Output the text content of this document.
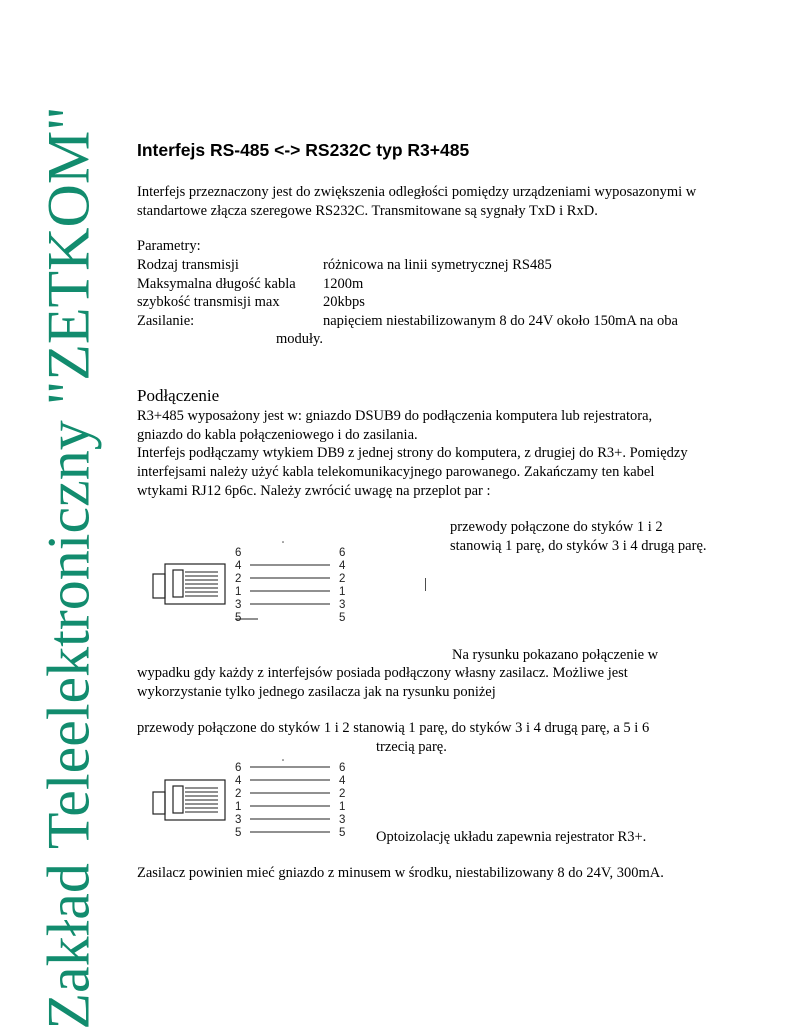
Zakład Teleelektroniczny "ZETKOM" Interfejs RS-485 <-> RS232C typ R3+485
Interfejs przeznaczony jest do zwiększenia odległości pomiędzy urządzeniami wyposazonymi w
standartowe złącza szeregowe RS232C. Transmitowane są sygnały TxD i RxD.
Parametry:
Rodzaj transmisji	różnicowa na linii symetrycznej RS485
Maksymalna długość kabla 1200m
szybkość transmisji max	20kbps
Zasilanie:	napięciem niestabilizowanym 8 do 24V około 150mA na oba
moduły.
Podłączenie
R3+485 wyposażony jest w: gniazdo DSUB9 do podłączenia komputera lub rejestratora,
gniazdo do kabla połączeniowego i do zasilania.
Interfejs podłączamy wtykiem DB9 z jednej strony do komputera, z drugiej do R3+. Pomiędzy
interfejsami należy użyć kabla telekomunikacyjnego parowanego. Zakańczamy ten kabel
wtykami RJ12 6p6c. Należy zwrócić uwagę na przeplot par :
przewody połączone do styków 1 i 2
stanowią 1 parę, do styków 3 i 4 drugą parę.
6
4
2
1
3
5
6
4
2
1
3
5
|
Na rysunku pokazano połączenie w
wypadku gdy każdy z interfejsów posiada podłączony własny zasilacz. Możliwe jest
wykorzystanie tylko jednego zasilacza jak na rysunku poniżej
przewody połączone do styków 1 i 2 stanowią 1 parę, do styków 3 i 4 drugą parę, a 5 i 6
trzecią parę.
6
4
2
1
3
5
6
4
2
1
3
5 Optoizolację układu zapewnia rejestrator R3+.
Zasilacz powinien mieć gniazdo z minusem w środku, niestabilizowany 8 do 24V, 300mA.
